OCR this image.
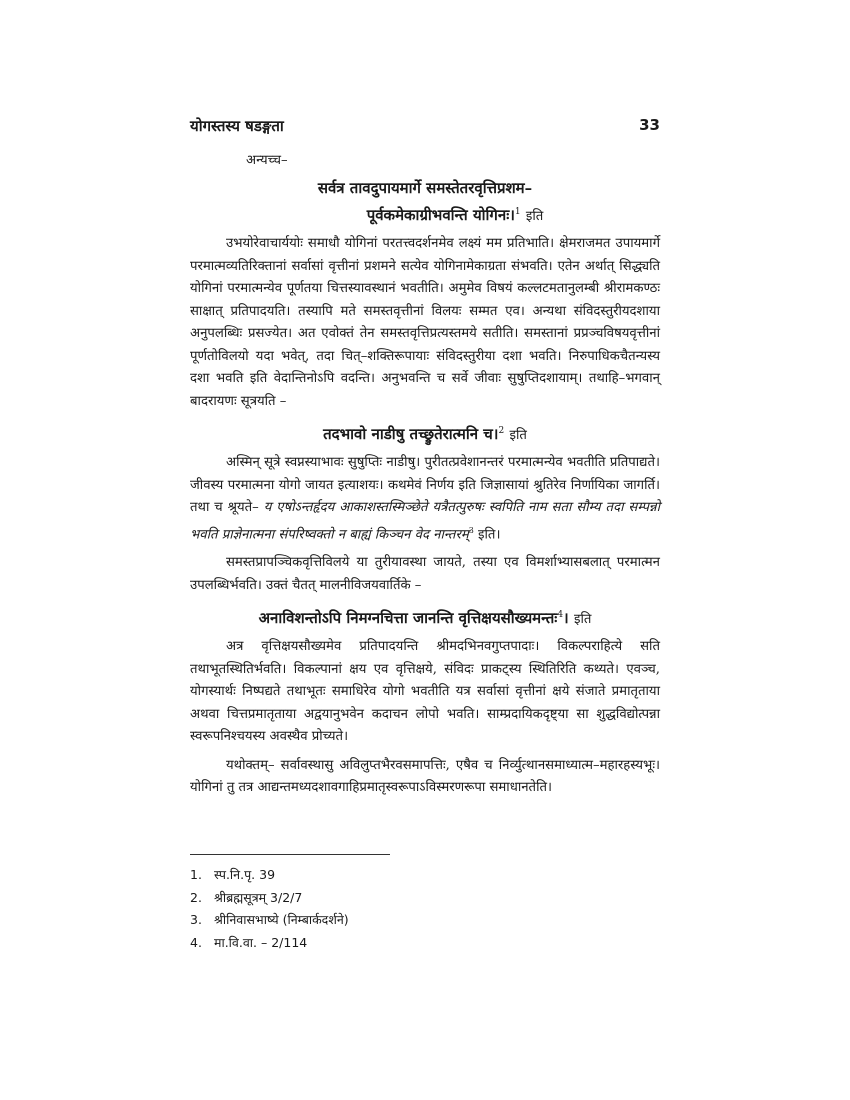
योगस्तस्य षडङ्गता	33

अन्यच्च–

सर्वत्र तावदुपायमार्गे समस्तेतरवृत्तिप्रशम–
पूर्वकमेकाग्रीभवन्ति योगिनः।$^1$ इति

उभयोरेवाचार्ययोः समाधौ योगिनां परतत्त्वदर्शनमेव लक्ष्यं मम प्रतिभाति। क्षेमराजमत उपायमार्गे परमात्मव्यतिरिक्तानां सर्वासां वृत्तीनां प्रशमने सत्येव योगिनामेकाग्रता संभवति। एतेन अर्थात् सिद्ध्यति योगिनां परमात्मन्येव पूर्णतया चित्तस्यावस्थानं भवतीति। अमुमेव विषयं कल्लटमतानुलम्बी श्रीरामकण्ठः साक्षात् प्रतिपादयति। तस्यापि मते समस्तवृत्तीनां विलयः सम्मत एव। अन्यथा संविदस्तुरीयदशाया अनुपलब्धिः प्रसज्येत। अत एवोक्तं तेन समस्तवृत्तिप्रत्यस्तमये सतीति। समस्तानां प्रप्रञ्चविषयवृत्तीनां पूर्णतोविलयो यदा भवेत्, तदा चित्–शक्तिरूपायाः संविदस्तुरीया दशा भवति। निरुपाधिकचैतन्यस्य दशा भवति इति वेदान्तिनोऽपि वदन्ति। अनुभवन्ति च सर्वे जीवाः सुषुप्तिदशायाम्। तथाहि–भगवान् बादरायणः सूत्रयति –

तदभावो नाडीषु तच्छ्रुतेरात्मनि च।$^2$ इति

अस्मिन् सूत्रे स्वप्नस्याभावः सुषुप्तिः नाडीषु। पुरीतत्प्रवेशानन्तरं परमात्मन्येव भवतीति प्रतिपाद्यते। जीवस्य परमात्मना योगो जायत इत्याशयः। कथमेवं निर्णय इति जिज्ञासायां श्रुतिरेव निर्णायिका जागर्ति। तथा च श्रूयते– य एषोऽन्तर्हृदय आकाशस्तस्मिञ्छेते यत्रैतत्पुरुषः स्वपिति नाम सता सौम्य तदा सम्पन्नो भवति प्राज्ञेनात्मना संपरिष्वक्तो न बाह्यं किञ्चन वेद नान्तरम्$^3$ इति।

समस्तप्रापञ्चिकवृत्तिविलये या तुरीयावस्था जायते, तस्या एव विमर्शाभ्यासबलात् परमात्मन उपलब्धिर्भवति। उक्तं चैतत् मालनीविजयवार्तिके –

अनाविशन्तोऽपि निमग्नचित्ता जानन्ति वृत्तिक्षयसौख्यमन्तः$^4$। इति

अत्र वृत्तिक्षयसौख्यमेव प्रतिपादयन्ति श्रीमदभिनवगुप्तपादाः। विकल्पराहित्ये सति तथाभूतस्थितिर्भवति। विकल्पानां क्षय एव वृत्तिक्षये, संविदः प्राकट्स्य स्थितिरिति कथ्यते। एवञ्च, योगस्यार्थः निष्पद्यते तथाभूतः समाधिरेव योगो भवतीति यत्र सर्वासां वृत्तीनां क्षये संजाते प्रमातृताया अथवा चित्तप्रमातृताया अद्वयानुभवेन कदाचन लोपो भवति। साम्प्रदायिकदृष्ट्या सा शुद्धविद्योत्पन्ना स्वरूपनिश्चयस्य अवस्थैव प्रोच्यते।

यथोक्तम्– सर्वावस्थासु अविलुप्तभैरवसमापत्तिः, एषैव च निर्व्युत्थानसमाध्यात्म–महारहस्यभूः। योगिनां तु तत्र आद्यन्तमध्यदशावगाहिप्रमातृस्वरूपाऽविस्मरणरूपा समाधानतेति।

1. स्प.नि.पृ. 39
2. श्रीब्रह्मसूत्रम् 3/2/7
3. श्रीनिवासभाष्ये (निम्बार्कदर्शने)
4. मा.वि.वा. – 2/114
